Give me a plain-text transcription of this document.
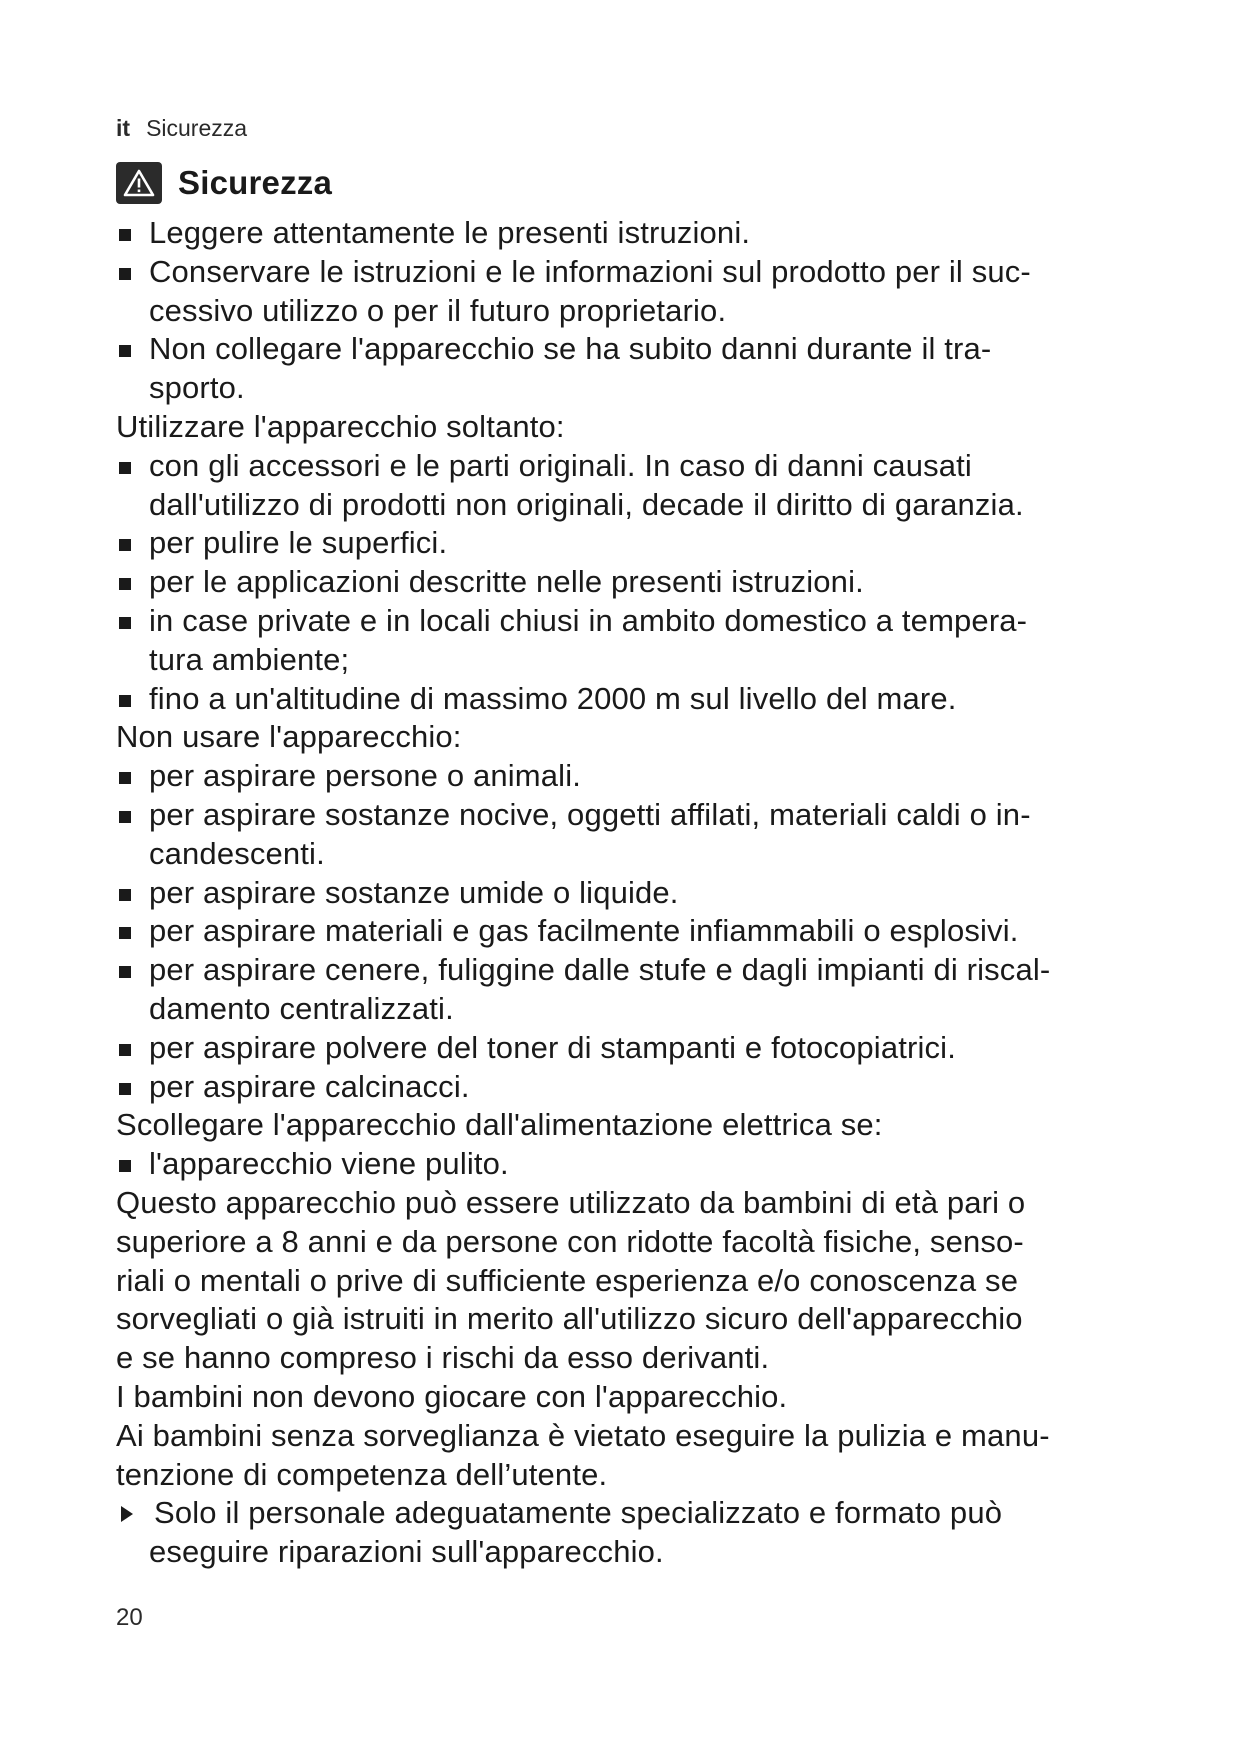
it Sicurezza
Sicurezza
Leggere attentamente le presenti istruzioni.
Conservare le istruzioni e le informazioni sul prodotto per il suc-
cessivo utilizzo o per il futuro proprietario.
Non collegare l'apparecchio se ha subito danni durante il tra-
sporto.
Utilizzare l'apparecchio soltanto:
con gli accessori e le parti originali. In caso di danni causati
dall'utilizzo di prodotti non originali, decade il diritto di garanzia.
per pulire le superfici.
per le applicazioni descritte nelle presenti istruzioni.
in case private e in locali chiusi in ambito domestico a tempera-
tura ambiente;
fino a un'altitudine di massimo 2000 m sul livello del mare.
Non usare l'apparecchio:
per aspirare persone o animali.
per aspirare sostanze nocive, oggetti affilati, materiali caldi o in-
candescenti.
per aspirare sostanze umide o liquide.
per aspirare materiali e gas facilmente infiammabili o esplosivi.
per aspirare cenere, fuliggine dalle stufe e dagli impianti di riscal-
damento centralizzati.
per aspirare polvere del toner di stampanti e fotocopiatrici.
per aspirare calcinacci.
Scollegare l'apparecchio dall'alimentazione elettrica se:
l'apparecchio viene pulito.
Questo apparecchio può essere utilizzato da bambini di età pari o
superiore a 8 anni e da persone con ridotte facoltà fisiche, senso-
riali o mentali o prive di sufficiente esperienza e/o conoscenza se
sorvegliati o già istruiti in merito all'utilizzo sicuro dell'apparecchio
e se hanno compreso i rischi da esso derivanti.
I bambini non devono giocare con l'apparecchio.
Ai bambini senza sorveglianza è vietato eseguire la pulizia e manu-
tenzione di competenza dell’utente.
Solo il personale adeguatamente specializzato e formato può
eseguire riparazioni sull'apparecchio.
20
